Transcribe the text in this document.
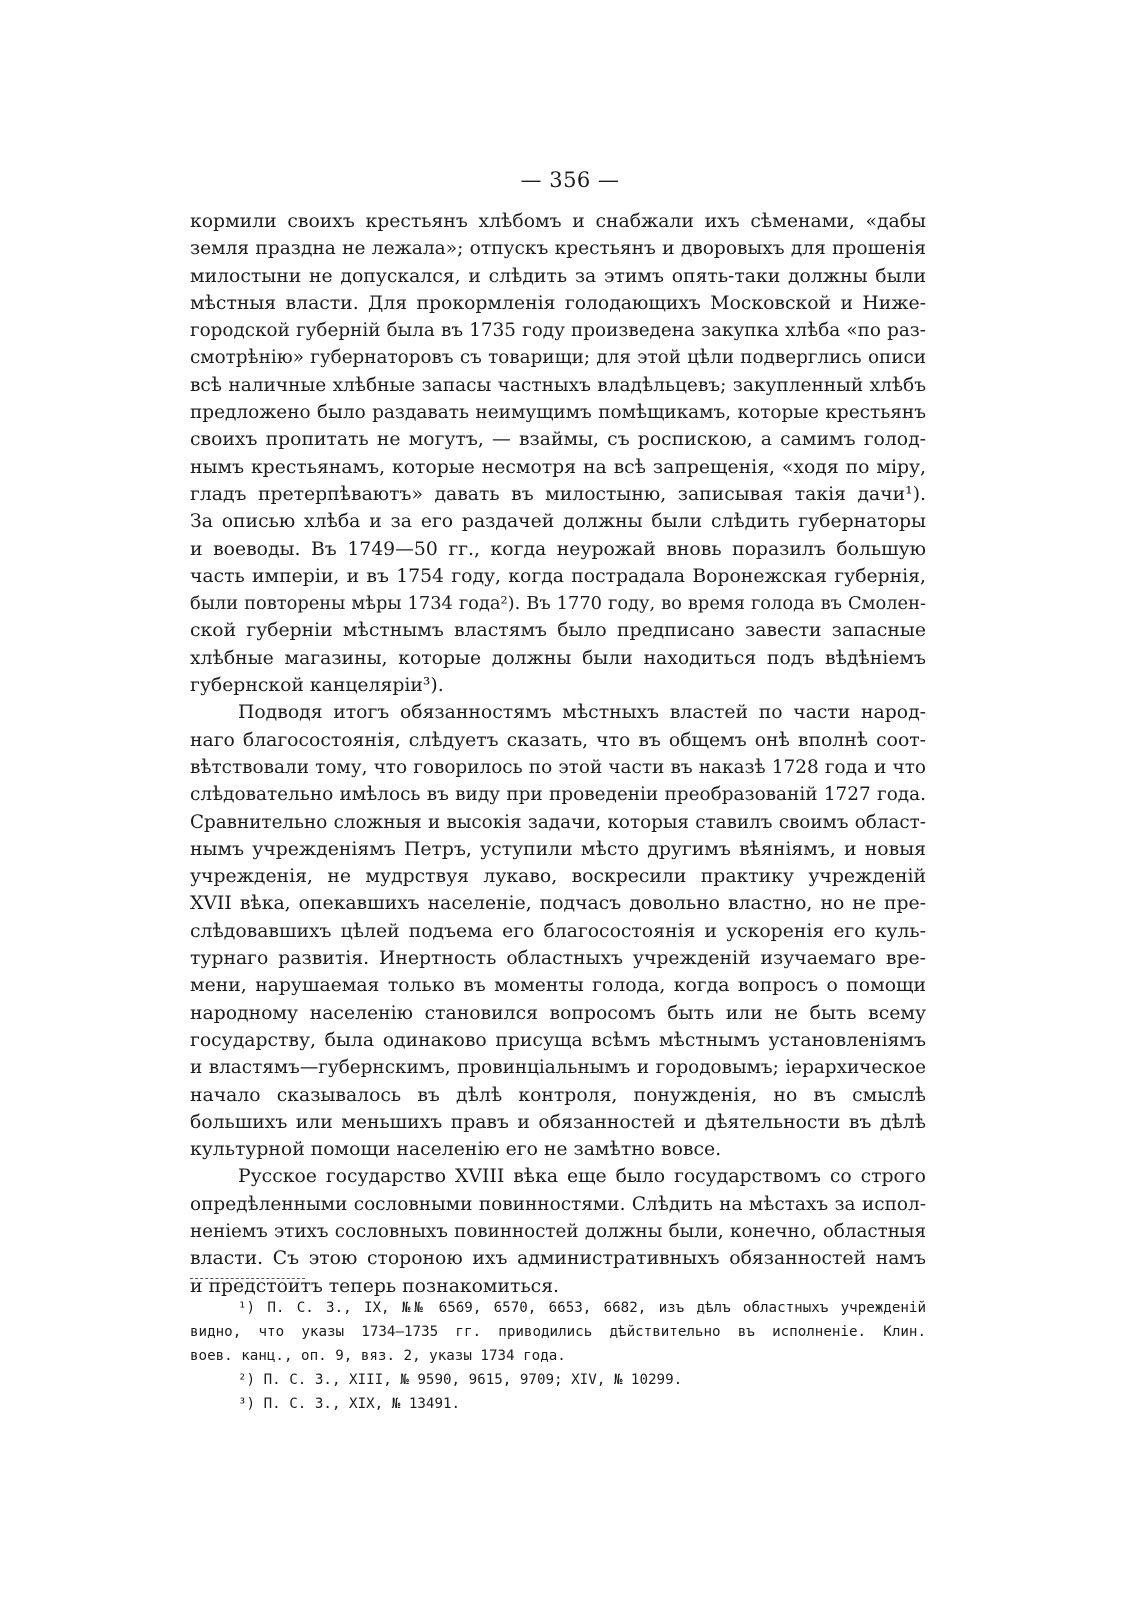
— 356 —

кормили своихъ крестьянъ хлѣбомъ и снабжали ихъ сѣменами, «дабы
земля праздна не лежала»; отпускъ крестьянъ и дворовыхъ для прошенія
милостыни не допускался, и слѣдить за этимъ опять-таки должны были
мѣстныя власти. Для прокормленія голодающихъ Московской и Ниже-
городской губерній была въ 1735 году произведена закупка хлѣба «по раз-
смотрѣнію» губернаторовъ съ товарищи; для этой цѣли подверглись описи
всѣ наличные хлѣбные запасы частныхъ владѣльцевъ; закупленный хлѣбъ
предложено было раздавать неимущимъ помѣщикамъ, которые крестьянъ
своихъ пропитать не могутъ, — взаймы, съ роспискою, а самимъ голод-
нымъ крестьянамъ, которые несмотря на всѣ запрещенія, «ходя по міру,
гладъ претерпѣваютъ» давать въ милостыню, записывая такія дачи¹).
За описью хлѣба и за его раздачей должны были слѣдить губернаторы
и воеводы. Въ 1749—50 гг., когда неурожай вновь поразилъ большую
часть имперіи, и въ 1754 году, когда пострадала Воронежская губернія,
были повторены мѣры 1734 года²). Въ 1770 году, во время голода въ Смолен-
ской губерніи мѣстнымъ властямъ было предписано завести запасные
хлѣбные магазины, которые должны были находиться подъ вѣдѣніемъ
губернской канцеляріи³).

Подводя итогъ обязанностямъ мѣстныхъ властей по части народ-
наго благосостоянія, слѣдуетъ сказать, что въ общемъ онѣ вполнѣ соот-
вѣтствовали тому, что говорилось по этой части въ наказѣ 1728 года и что
слѣдовательно имѣлось въ виду при проведеніи преобразованій 1727 года.
Сравнительно сложныя и высокія задачи, которыя ставилъ своимъ област-
нымъ учрежденіямъ Петръ, уступили мѣсто другимъ вѣяніямъ, и новыя
учрежденія, не мудрствуя лукаво, воскресили практику учрежденій
XVII вѣка, опекавшихъ населеніе, подчасъ довольно властно, но не пре-
слѣдовавшихъ цѣлей подъема его благосостоянія и ускоренія его куль-
турнаго развитія. Инертность областныхъ учрежденій изучаемаго вре-
мени, нарушаемая только въ моменты голода, когда вопросъ о помощи
народному населенію становился вопросомъ быть или не быть всему
государству, была одинаково присуща всѣмъ мѣстнымъ установленіямъ
и властямъ—губернскимъ, провинціальнымъ и городовымъ; іерархическое
начало сказывалось въ дѣлѣ контроля, понужденія, но въ смыслѣ
большихъ или меньшихъ правъ и обязанностей и дѣятельности въ дѣлѣ
культурной помощи населенію его не замѣтно вовсе.

Русское государство XVIII вѣка еще было государствомъ со строго
опредѣленными сословными повинностями. Слѣдить на мѣстахъ за испол-
неніемъ этихъ сословныхъ повинностей должны были, конечно, областныя
власти. Съ этою стороною ихъ административныхъ обязанностей намъ
и предстоитъ теперь познакомиться.

¹) П. С. З., IX, №№ 6569, 6570, 6653, 6682, изъ дѣлъ областныхъ учрежденій
видно, что указы 1734—1735 гг. приводились дѣйствительно въ исполненіе. Клин.
воев. канц., оп. 9, вяз. 2, указы 1734 года.
²) П. С. З., XIII, № 9590, 9615, 9709; XIV, № 10299.
³) П. С. З., XIX, № 13491.
